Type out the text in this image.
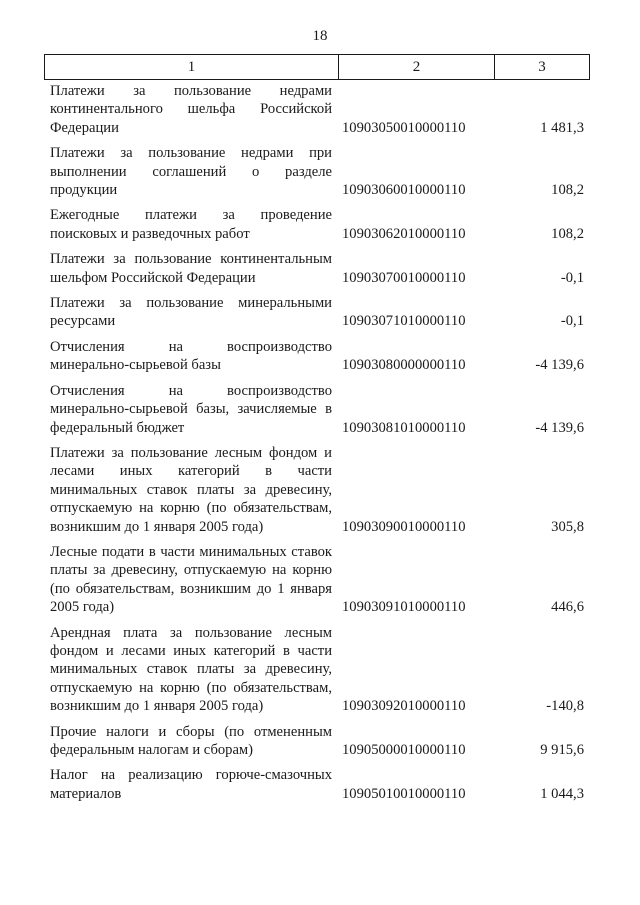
18
1	2	3
Платежи за пользование недрами континентального шельфа Российской Федерации	10903050010000110	1 481,3
Платежи за пользование недрами при выполнении соглашений о разделе продукции	10903060010000110	108,2
Ежегодные платежи за проведение поисковых и разведочных работ	10903062010000110	108,2
Платежи за пользование континентальным шельфом Российской Федерации	10903070010000110	-0,1
Платежи за пользование минеральными ресурсами	10903071010000110	-0,1
Отчисления на воспроизводство минерально-сырьевой базы	10903080000000110	-4 139,6
Отчисления на воспроизводство минерально-сырьевой базы, зачисляемые в федеральный бюджет	10903081010000110	-4 139,6
Платежи за пользование лесным фондом и лесами иных категорий в части минимальных ставок платы за древесину, отпускаемую на корню (по обязательствам, возникшим до 1 января 2005 года)	10903090010000110	305,8
Лесные подати в части минимальных ставок платы за древесину, отпускаемую на корню (по обязательствам, возникшим до 1 января 2005 года)	10903091010000110	446,6
Арендная плата за пользование лесным фондом и лесами иных категорий в части минимальных ставок платы за древесину, отпускаемую на корню (по обязательствам, возникшим до 1 января 2005 года)	10903092010000110	-140,8
Прочие налоги и сборы (по отмененным федеральным налогам и сборам)	10905000010000110	9 915,6
Налог на реализацию горюче-смазочных материалов	10905010010000110	1 044,3
